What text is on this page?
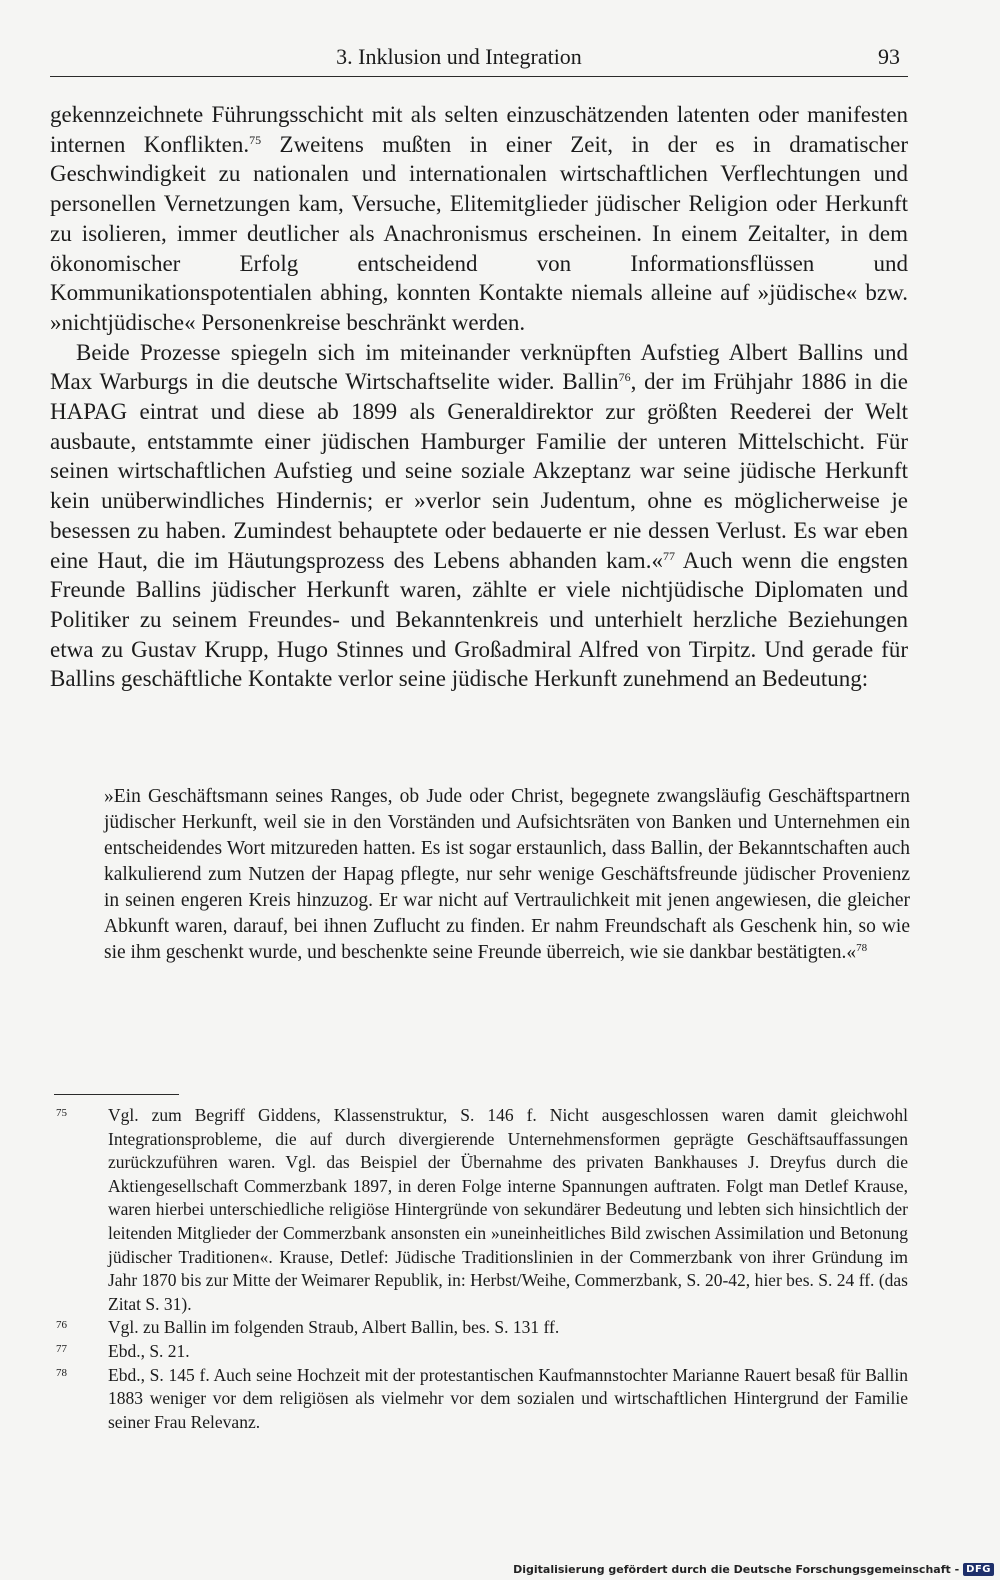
3. Inklusion und Integration	93

gekennzeichnete Führungsschicht mit als selten einzuschätzenden latenten oder manifesten internen Konflikten.$^{75}$ Zweitens mußten in einer Zeit, in der es in dramatischer Geschwindigkeit zu nationalen und internationalen wirtschaftlichen Verflechtungen und personellen Vernetzungen kam, Versuche, Elitemitglieder jüdischer Religion oder Herkunft zu isolieren, immer deutlicher als Anachronismus erscheinen. In einem Zeitalter, in dem ökonomischer Erfolg entscheidend von Informationsflüssen und Kommunikationspotentialen abhing, konnten Kontakte niemals alleine auf »jüdische« bzw. »nichtjüdische« Personenkreise beschränkt werden.

Beide Prozesse spiegeln sich im miteinander verknüpften Aufstieg Albert Ballins und Max Warburgs in die deutsche Wirtschaftselite wider. Ballin$^{76}$, der im Frühjahr 1886 in die HAPAG eintrat und diese ab 1899 als Generaldirektor zur größten Reederei der Welt ausbaute, entstammte einer jüdischen Hamburger Familie der unteren Mittelschicht. Für seinen wirtschaftlichen Aufstieg und seine soziale Akzeptanz war seine jüdische Herkunft kein unüberwindliches Hindernis; er »verlor sein Judentum, ohne es möglicherweise je besessen zu haben. Zumindest behauptete oder bedauerte er nie dessen Verlust. Es war eben eine Haut, die im Häutungsprozess des Lebens abhanden kam.«$^{77}$ Auch wenn die engsten Freunde Ballins jüdischer Herkunft waren, zählte er viele nichtjüdische Diplomaten und Politiker zu seinem Freundes- und Bekanntenkreis und unterhielt herzliche Beziehungen etwa zu Gustav Krupp, Hugo Stinnes und Großadmiral Alfred von Tirpitz. Und gerade für Ballins geschäftliche Kontakte verlor seine jüdische Herkunft zunehmend an Bedeutung:

»Ein Geschäftsmann seines Ranges, ob Jude oder Christ, begegnete zwangsläufig Geschäftspartnern jüdischer Herkunft, weil sie in den Vorständen und Aufsichtsräten von Banken und Unternehmen ein entscheidendes Wort mitzureden hatten. Es ist sogar erstaunlich, dass Ballin, der Bekanntschaften auch kalkulierend zum Nutzen der Hapag pflegte, nur sehr wenige Geschäftsfreunde jüdischer Provenienz in seinen engeren Kreis hinzuzog. Er war nicht auf Vertraulichkeit mit jenen angewiesen, die gleicher Abkunft waren, darauf, bei ihnen Zuflucht zu finden. Er nahm Freundschaft als Geschenk hin, so wie sie ihm geschenkt wurde, und beschenkte seine Freunde überreich, wie sie dankbar bestätigten.«$^{78}$

75 Vgl. zum Begriff Giddens, Klassenstruktur, S. 146 f. Nicht ausgeschlossen waren damit gleichwohl Integrationsprobleme, die auf durch divergierende Unternehmensformen geprägte Geschäftsauffassungen zurückzuführen waren. Vgl. das Beispiel der Übernahme des privaten Bankhauses J. Dreyfus durch die Aktiengesellschaft Commerzbank 1897, in deren Folge interne Spannungen auftraten. Folgt man Detlef Krause, waren hierbei unterschiedliche religiöse Hintergründe von sekundärer Bedeutung und lebten sich hinsichtlich der leitenden Mitglieder der Commerzbank ansonsten ein »uneinheitliches Bild zwischen Assimilation und Betonung jüdischer Traditionen«. Krause, Detlef: Jüdische Traditionslinien in der Commerzbank von ihrer Gründung im Jahr 1870 bis zur Mitte der Weimarer Republik, in: Herbst/Weihe, Commerzbank, S. 20-42, hier bes. S. 24 ff. (das Zitat S. 31).
76 Vgl. zu Ballin im folgenden Straub, Albert Ballin, bes. S. 131 ff.
77 Ebd., S. 21.
78 Ebd., S. 145 f. Auch seine Hochzeit mit der protestantischen Kaufmannstochter Marianne Rauert besaß für Ballin 1883 weniger vor dem religiösen als vielmehr vor dem sozialen und wirtschaftlichen Hintergrund der Familie seiner Frau Relevanz.
Digitalisierung gefördert durch die Deutsche Forschungsgemeinschaft - DFG
